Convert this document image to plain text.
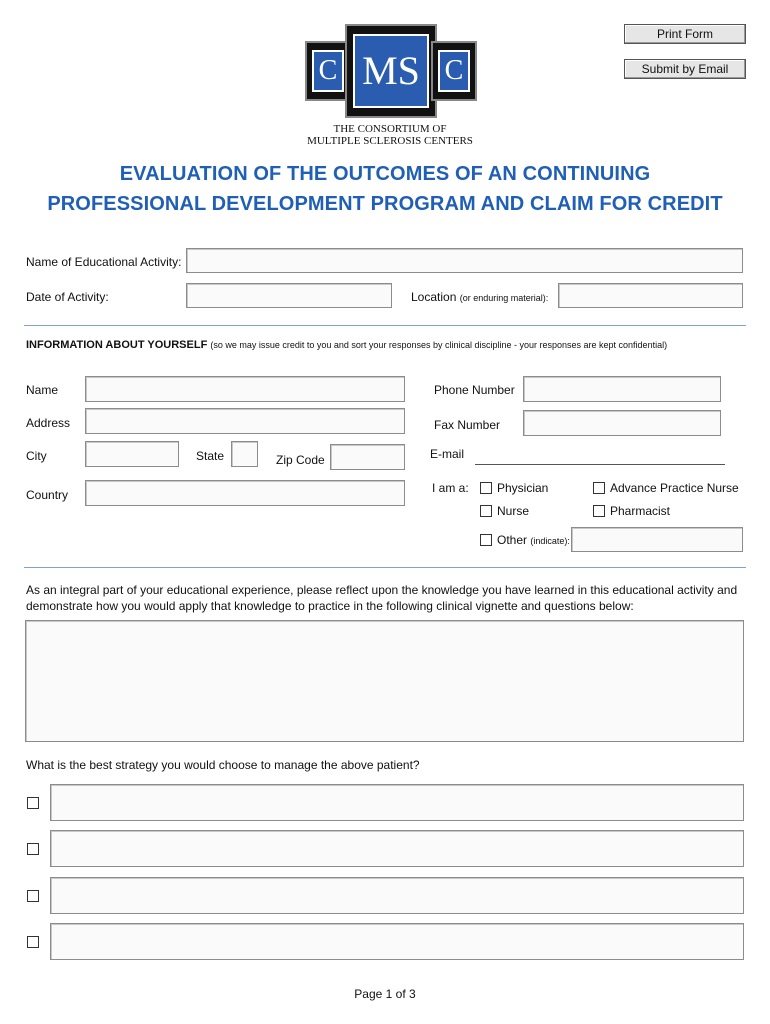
Print Form
Submit by Email
C MS C
THE CONSORTIUM OF
MULTIPLE SCLEROSIS CENTERS
EVALUATION OF THE OUTCOMES OF AN CONTINUING
PROFESSIONAL DEVELOPMENT PROGRAM AND CLAIM FOR CREDIT
Name of Educational Activity:
Date of Activity:	Location (or enduring material):
INFORMATION ABOUT YOURSELF (so we may issue credit to you and sort your responses by clinical discipline - your responses are kept confidential)
Name
Address
City	State	Zip Code
Country
Phone Number
Fax Number
E-mail
I am a: Physician	Advance Practice Nurse
Nurse	Pharmacist
Other (indicate):
As an integral part of your educational experience, please reflect upon the knowledge you have learned in this educational activity and
demonstrate how you would apply that knowledge to practice in the following clinical vignette and questions below:
What is the best strategy you would choose to manage the above patient?
Page 1 of 3
